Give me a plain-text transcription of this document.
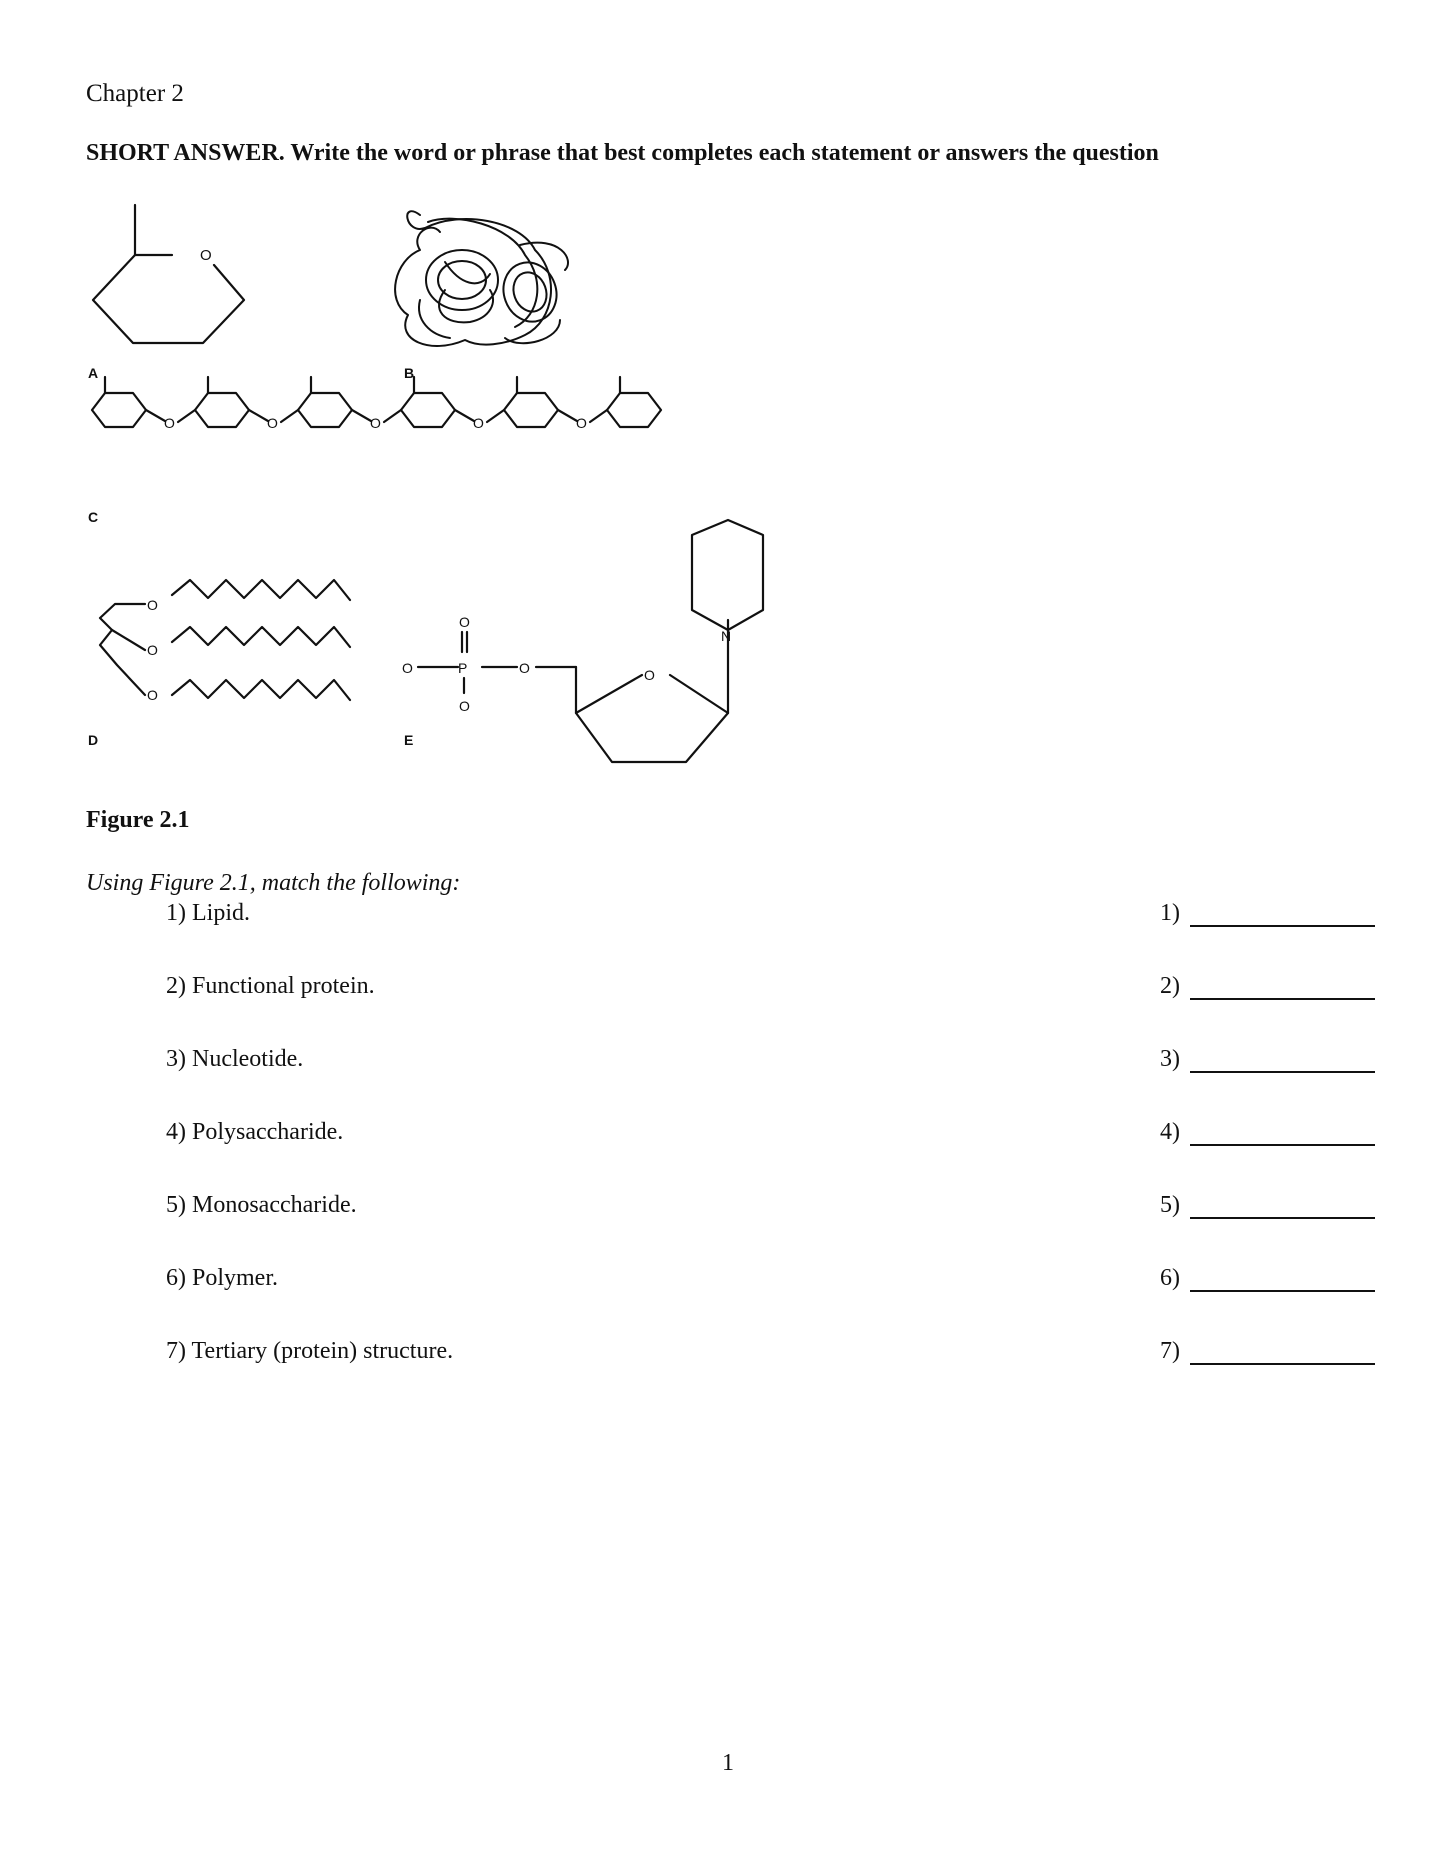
Chapter 2
SHORT ANSWER. Write the word or phrase that best completes each statement or answers the question
O
O	O	O	O	O
O
O
O
O	P
O
O
O	O
N
A	B
C
D	E
Figure 2.1
Using Figure 2.1, match the following:
1) Lipid.	1)
2) Functional protein.	2)
3) Nucleotide.	3)
4) Polysaccharide.	4)
5) Monosaccharide.	5)
6) Polymer.	6)
7) Tertiary (protein) structure.	7)
1
